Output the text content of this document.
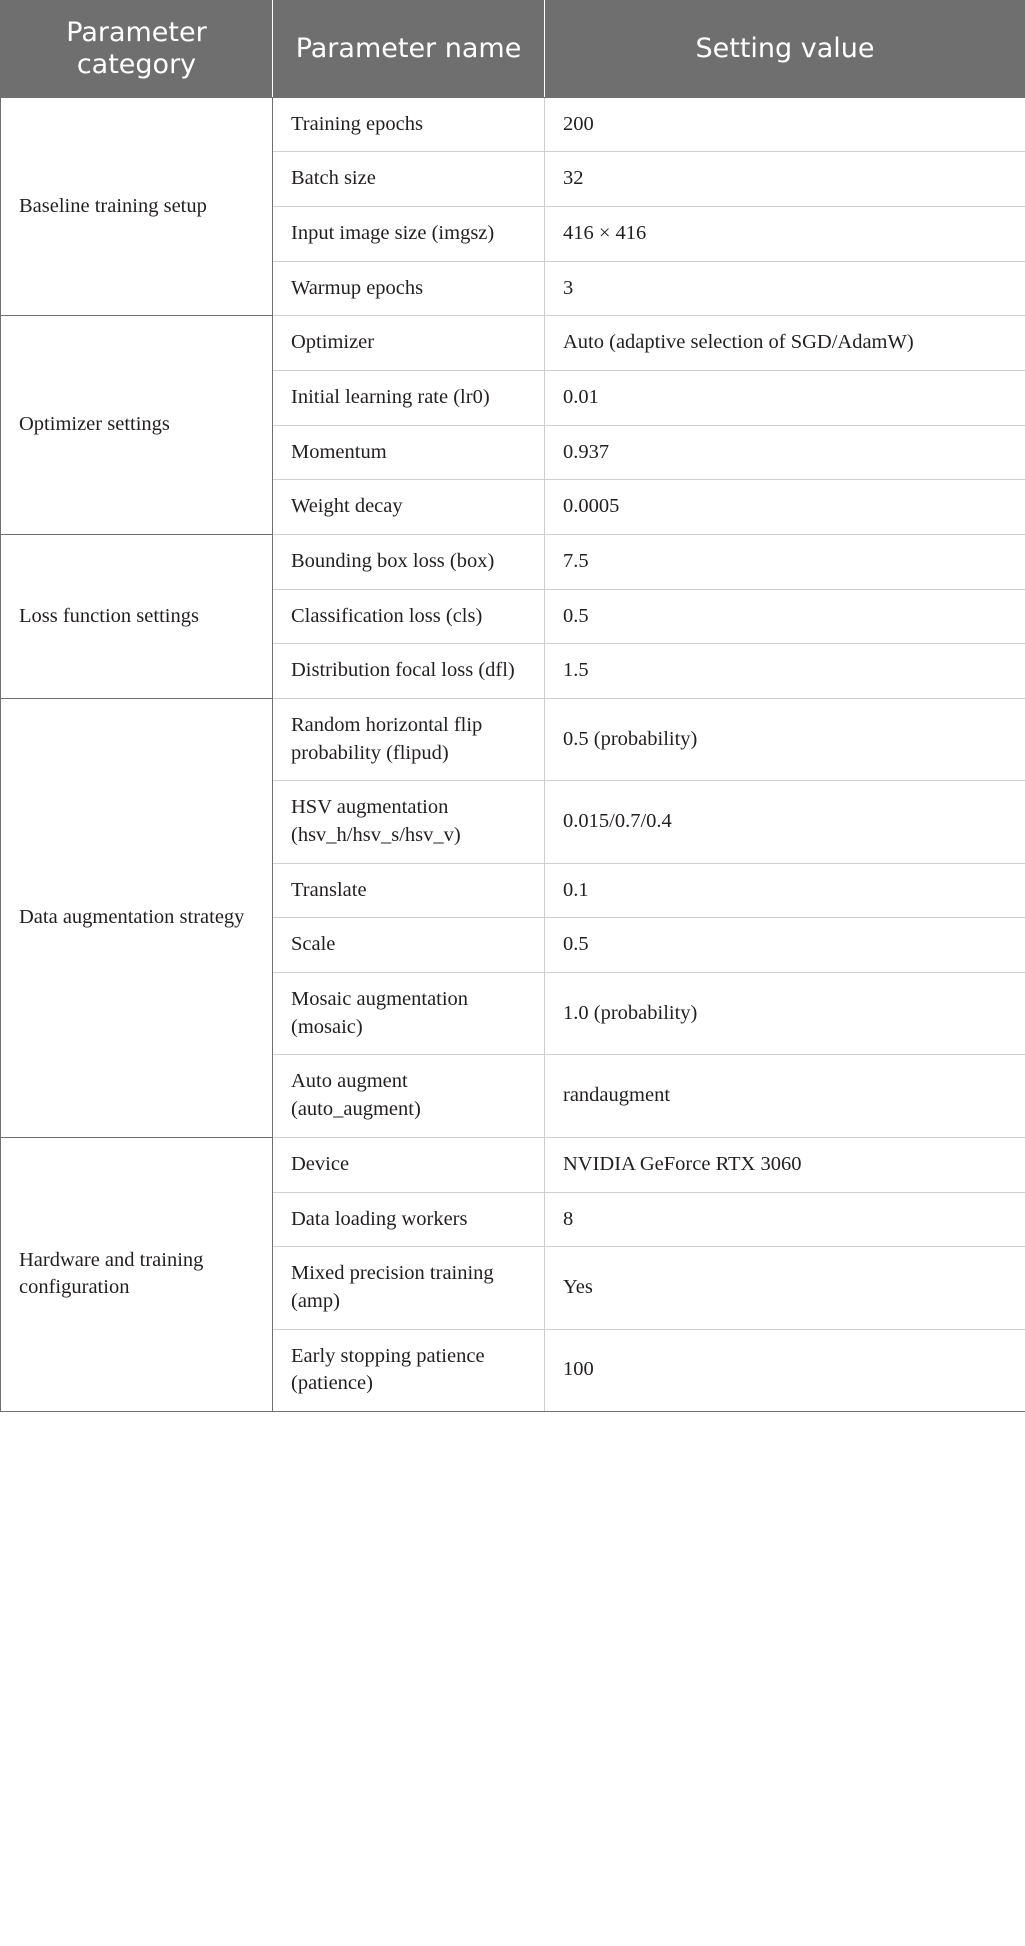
Parameter category	Parameter name	Setting value
Baseline training setup	Training epochs	200
	Batch size	32
	Input image size (imgsz)	416 × 416
	Warmup epochs	3
Optimizer settings	Optimizer	Auto (adaptive selection of SGD/AdamW)
	Initial learning rate (lr0)	0.01
	Momentum	0.937
	Weight decay	0.0005
Loss function settings	Bounding box loss (box)	7.5
	Classification loss (cls)	0.5
	Distribution focal loss (dfl)	1.5
Data augmentation strategy	Random horizontal flip probability (flipud)	0.5 (probability)
	HSV augmentation (hsv_h/hsv_s/hsv_v)	0.015/0.7/0.4
	Translate	0.1
	Scale	0.5
	Mosaic augmentation (mosaic)	1.0 (probability)
	Auto augment (auto_augment)	randaugment
Hardware and training configuration	Device	NVIDIA GeForce RTX 3060
	Data loading workers	8
	Mixed precision training (amp)	Yes
	Early stopping patience (patience)	100
